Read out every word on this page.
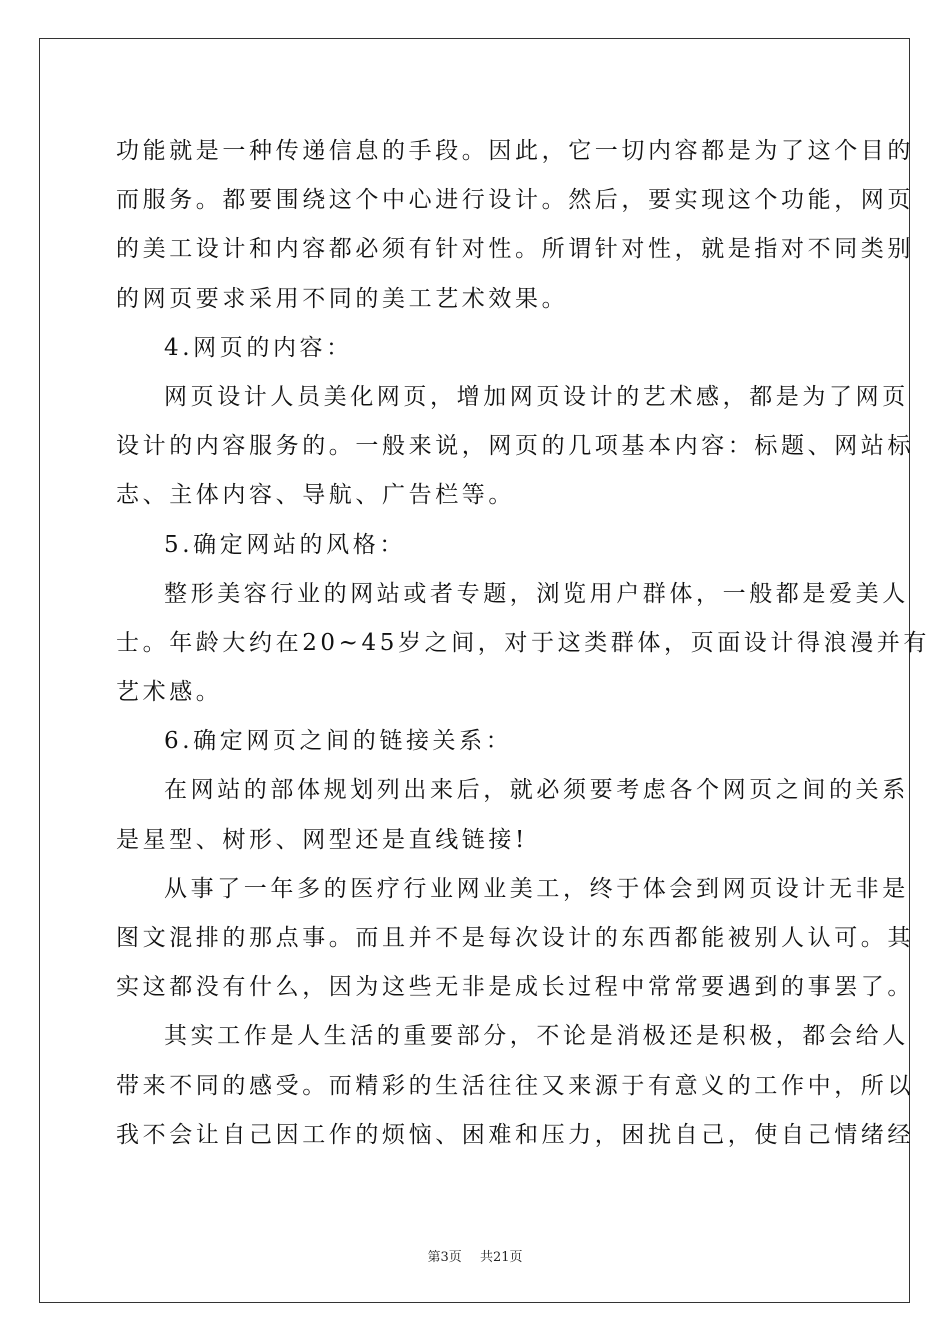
功能就是一种传递信息的手段。因此，它一切内容都是为了这个目的
而服务。都要围绕这个中心进行设计。然后，要实现这个功能，网页
的美工设计和内容都必须有针对性。所谓针对性，就是指对不同类别
的网页要求采用不同的美工艺术效果。
4.网页的内容：
网页设计人员美化网页，增加网页设计的艺术感，都是为了网页
设计的内容服务的。一般来说，网页的几项基本内容：标题、网站标
志、主体内容、导航、广告栏等。
5.确定网站的风格：
整形美容行业的网站或者专题，浏览用户群体，一般都是爱美人
士。年龄大约在20~45岁之间，对于这类群体，页面设计得浪漫并有
艺术感。
6.确定网页之间的链接关系：
在网站的部体规划列出来后，就必须要考虑各个网页之间的关系
是星型、树形、网型还是直线链接!
从事了一年多的医疗行业网业美工，终于体会到网页设计无非是
图文混排的那点事。而且并不是每次设计的东西都能被别人认可。其
实这都没有什么，因为这些无非是成长过程中常常要遇到的事罢了。
其实工作是人生活的重要部分，不论是消极还是积极，都会给人
带来不同的感受。而精彩的生活往往又来源于有意义的工作中，所以
我不会让自己因工作的烦恼、困难和压力，困扰自己，使自己情绪经
第3页 共21页
